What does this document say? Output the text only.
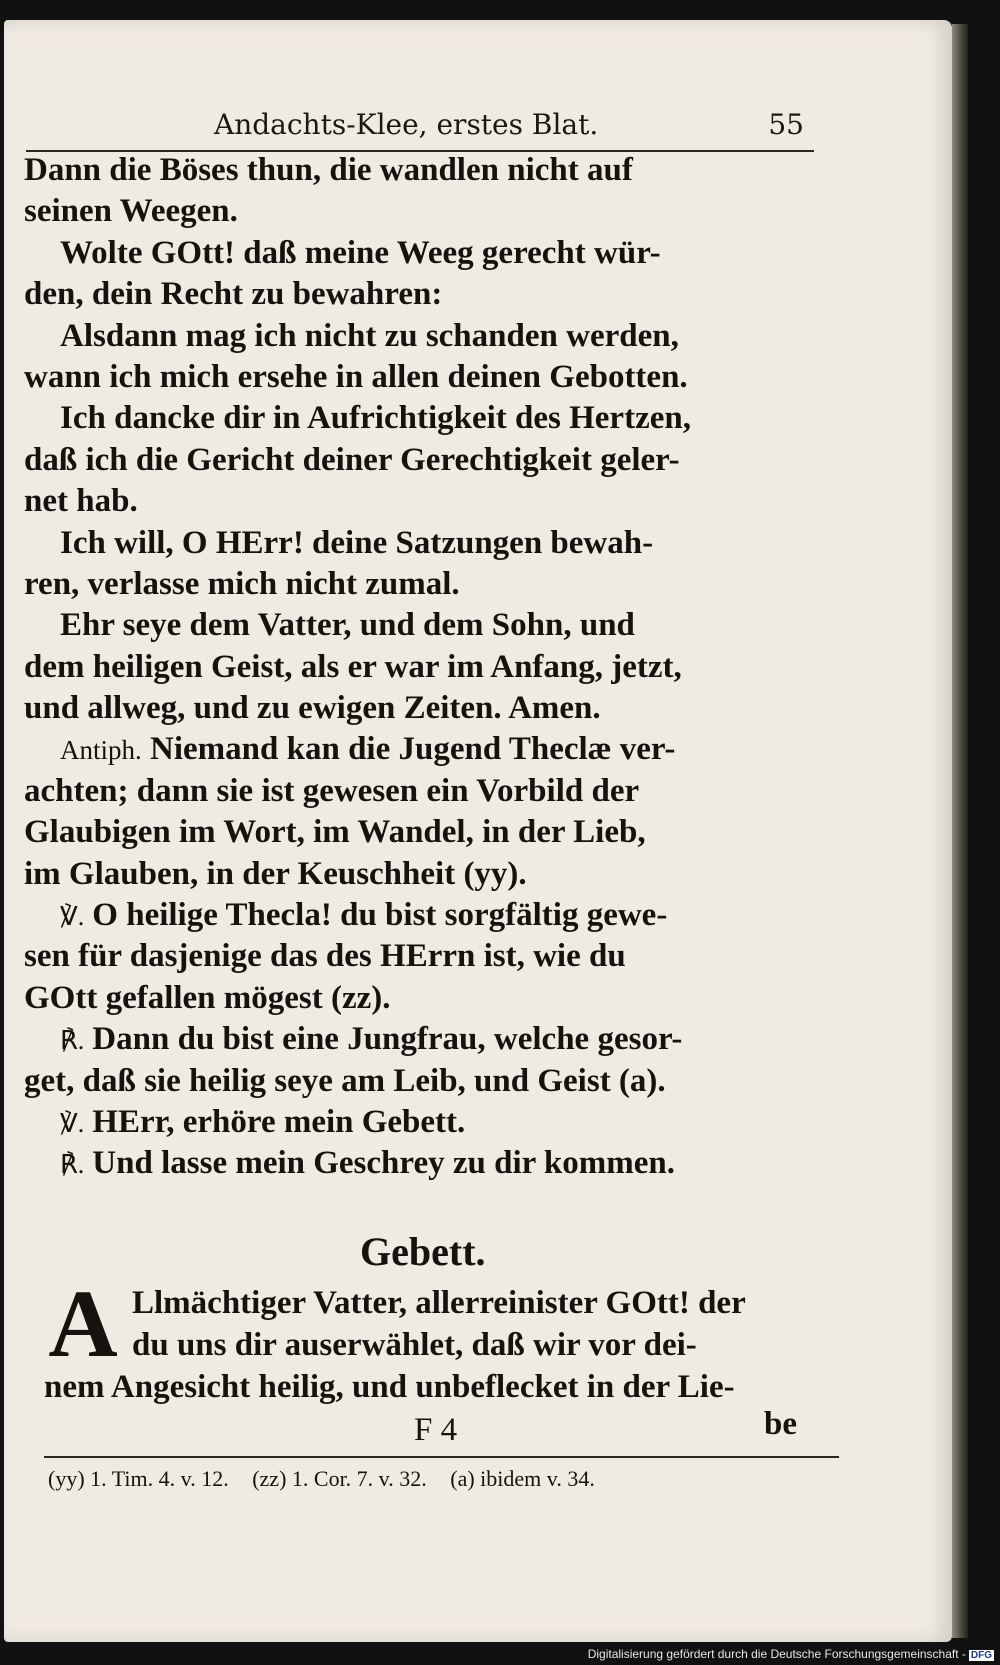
Andachts-Klee, erstes Blat.	55
Dann die Böses thun, die wandlen nicht auf
seinen Weegen.
Wolte GOtt! daß meine Weeg gerecht wür-
den, dein Recht zu bewahren:
Alsdann mag ich nicht zu schanden werden,
wann ich mich ersehe in allen deinen Gebotten.
Ich dancke dir in Aufrichtigkeit des Hertzen,
daß ich die Gericht deiner Gerechtigkeit geler-
net hab.
Ich will, O HErr! deine Satzungen bewah-
ren, verlasse mich nicht zumal.
Ehr seye dem Vatter, und dem Sohn, und
dem heiligen Geist, als er war im Anfang, jetzt,
und allweg, und zu ewigen Zeiten. Amen.
Antiph. Niemand kan die Jugend Theclæ ver-
achten; dann sie ist gewesen ein Vorbild der
Glaubigen im Wort, im Wandel, in der Lieb,
im Glauben, in der Keuschheit (yy).
℣. O heilige Thecla! du bist sorgfältig gewe-
sen für dasjenige das des HErrn ist, wie du
GOtt gefallen mögest (zz).
℟. Dann du bist eine Jungfrau, welche gesor-
get, daß sie heilig seye am Leib, und Geist (a).
℣. HErr, erhöre mein Gebett.
℟. Und lasse mein Geschrey zu dir kommen.
Gebett.
A Llmächtiger Vatter, allerreinister GOtt! der
du uns dir auserwählet, daß wir vor dei-
nem Angesicht heilig, und unbeflecket in der Lie-
F 4	be
(yy) 1. Tim. 4. v. 12. (zz) 1. Cor. 7. v. 32. (a) ibidem v. 34.
Digitalisierung gefördert durch die Deutsche Forschungsgemeinschaft - DFG
